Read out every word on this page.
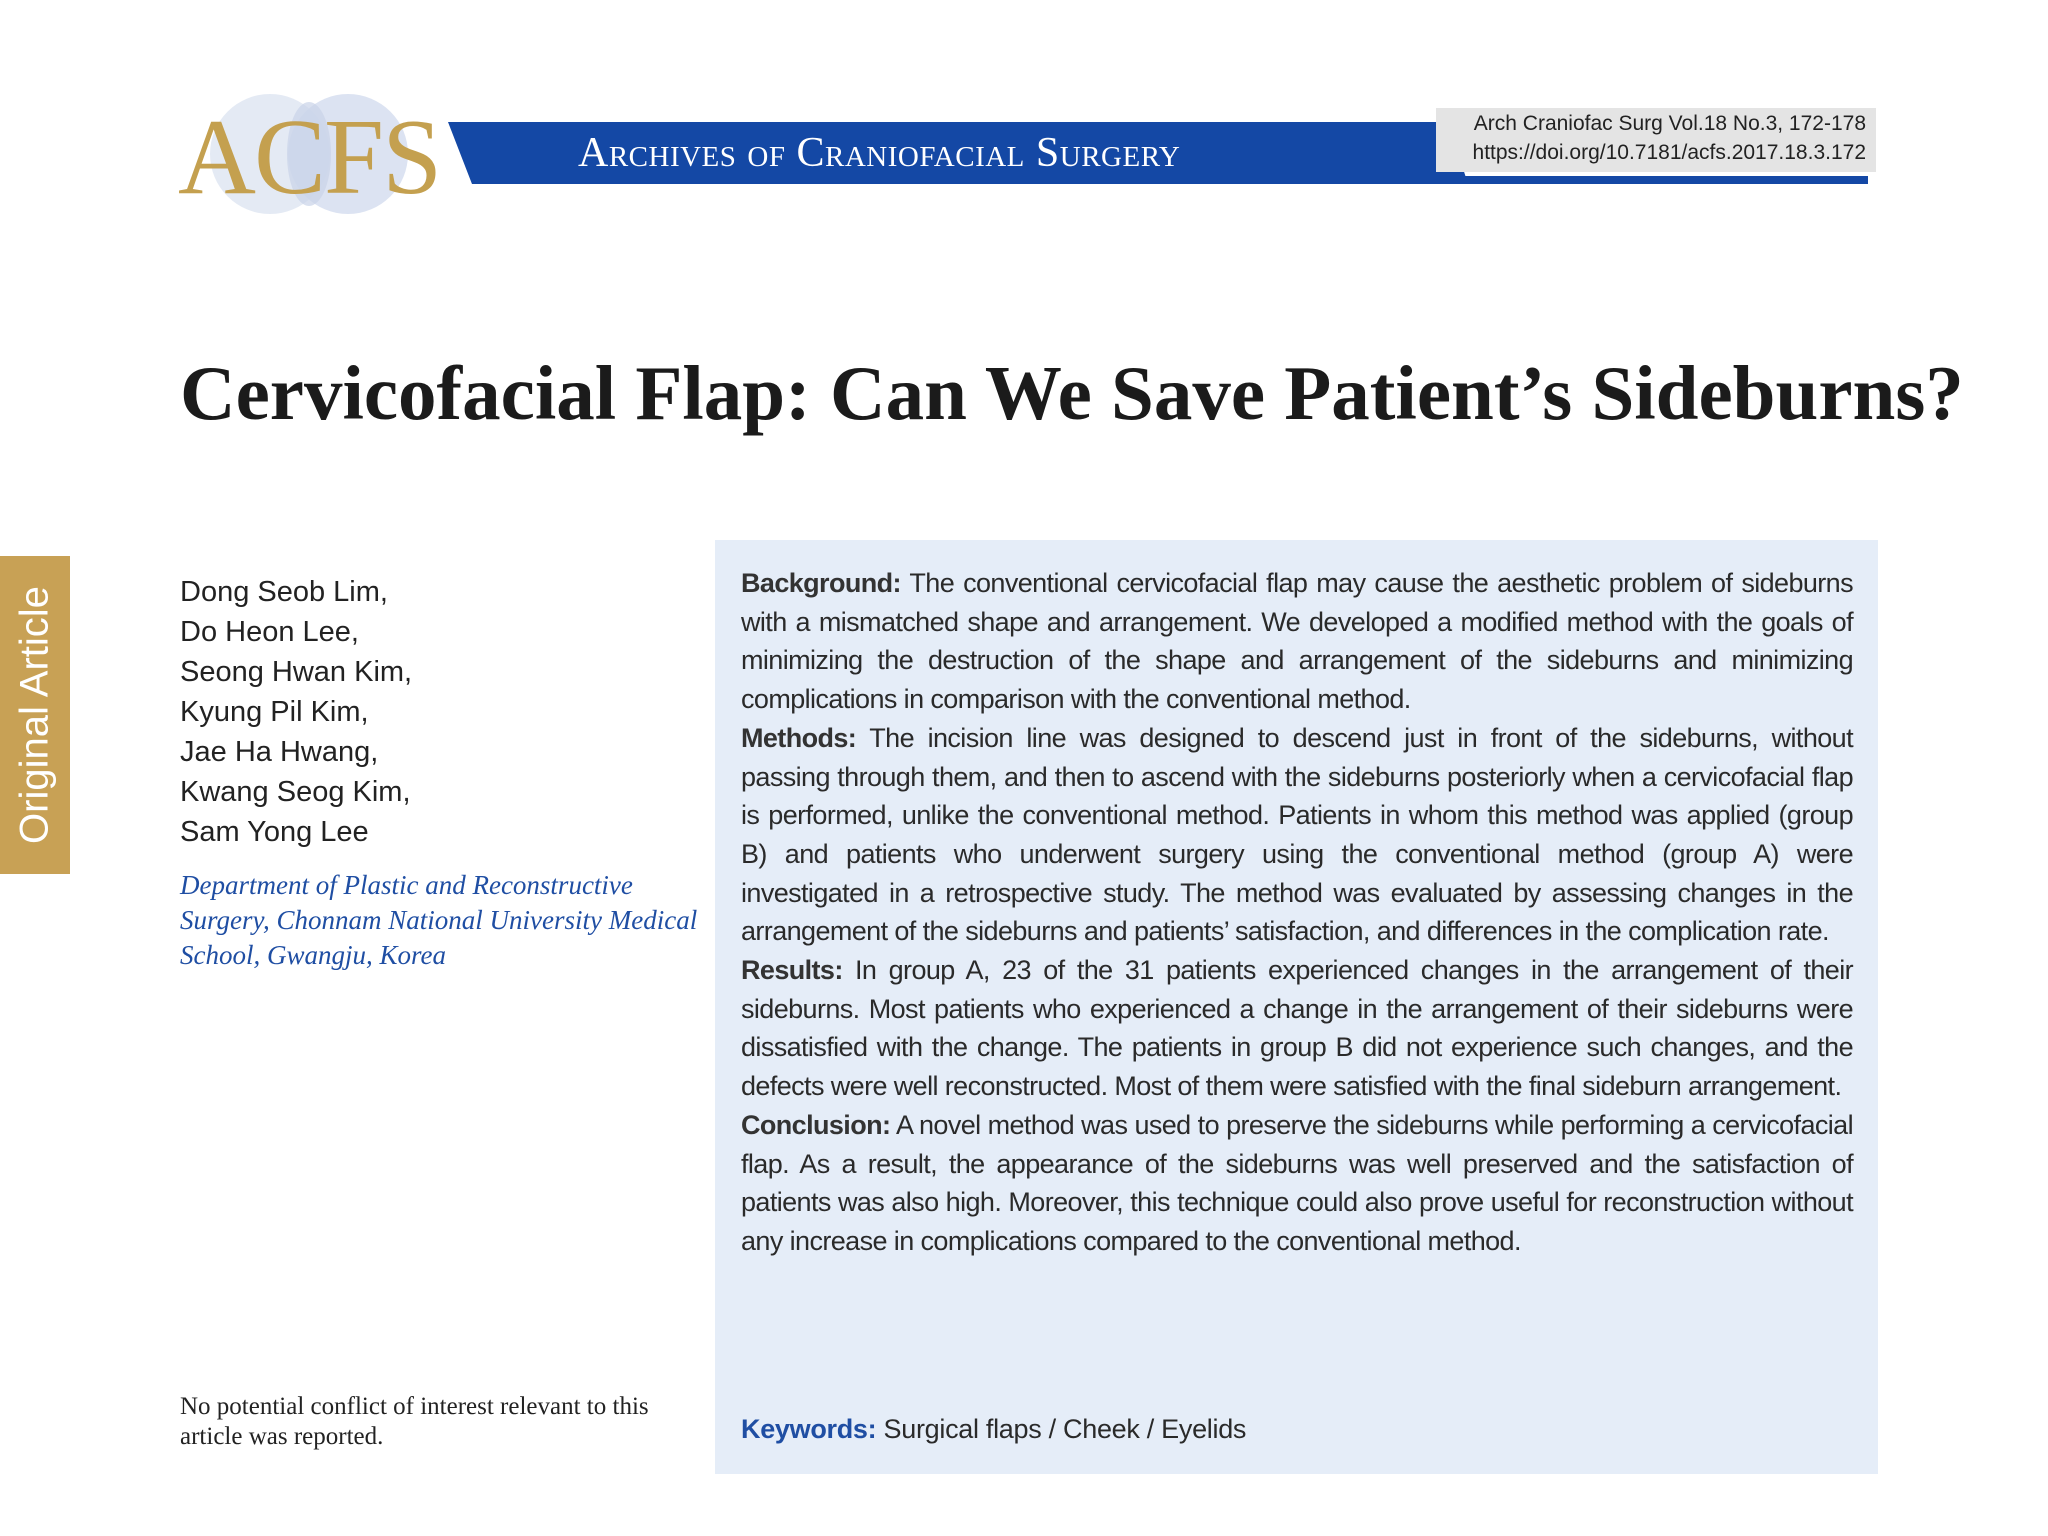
ACFS	Archives of Craniofacial Surgery
Arch Craniofac Surg Vol.18 No.3, 172-178
https://doi.org/10.7181/acfs.2017.18.3.172
Cervicofacial Flap: Can We Save Patient’s Sideburns?
Original Article	Dong Seob Lim,
Do Heon Lee,
Seong Hwan Kim,
Kyung Pil Kim,
Jae Ha Hwang,
Kwang Seog Kim,
Sam Yong Lee
Department of Plastic and Reconstructive Surgery, Chonnam National University Medical School, Gwangju, Korea
No potential conflict of interest relevant to this article was reported.

Background: The conventional cervicofacial flap may cause the aesthetic problem of sideburns with a mismatched shape and arrangement. We developed a modified method with the goals of minimizing the destruction of the shape and arrangement of the sideburns and minimizing complications in comparison with the conventional method.

Methods: The incision line was designed to descend just in front of the sideburns, without passing through them, and then to ascend with the sideburns posteriorly when a cervicofacial flap is performed, unlike the conventional method. Patients in whom this method was applied (group B) and patients who underwent surgery using the conventional method (group A) were investigated in a retrospective study. The method was evaluated by assessing changes in the arrangement of the sideburns and patients’ satisfaction, and differences in the complication rate.

Results: In group A, 23 of the 31 patients experienced changes in the arrangement of their sideburns. Most patients who experienced a change in the arrangement of their sideburns were dissatisfied with the change. The patients in group B did not experience such changes, and the defects were well reconstructed. Most of them were satisfied with the final sideburn arrangement.

Conclusion: A novel method was used to preserve the sideburns while performing a cervicofacial flap. As a result, the appearance of the sideburns was well preserved and the satisfaction of patients was also high. Moreover, this technique could also prove useful for reconstruction without any increase in complications compared to the conventional method.

Keywords: Surgical flaps / Cheek / Eyelids
